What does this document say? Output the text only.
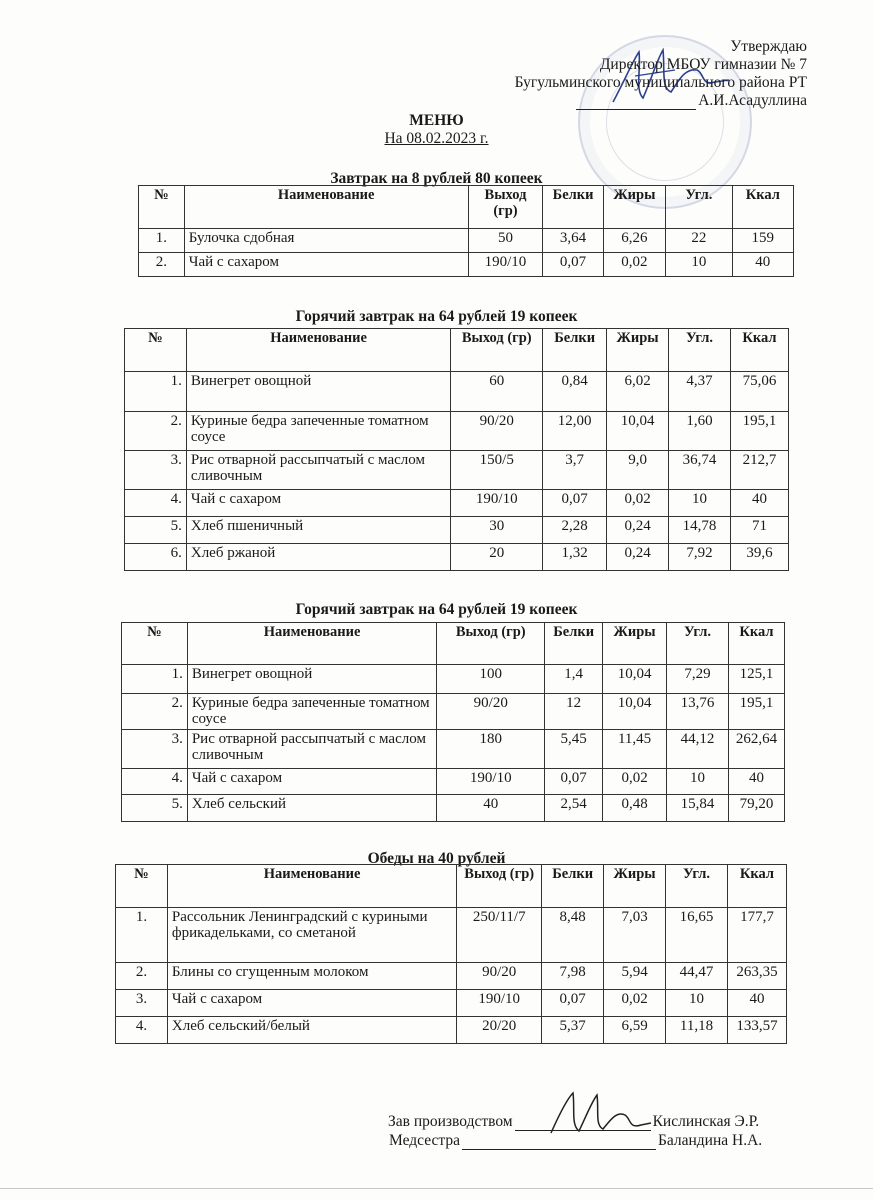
Утверждаю
Директор МБОУ гимназии № 7
Бугульминского муниципального района РТ
А.И.Асадуллина
МЕНЮ
На 08.02.2023 г.
Завтрак на 8 рублей 80 копеек
№	Наименование	Выход (гр)	Белки	Жиры	Угл.	Ккал
1.	Булочка сдобная	50	3,64	6,26	22	159
2.	Чай с сахаром	190/10	0,07	0,02	10	40
Горячий завтрак на 64 рублей 19 копеек
№	Наименование	Выход (гр)	Белки	Жиры	Угл.	Ккал
1.	Винегрет овощной	60	0,84	6,02	4,37	75,06
2.	Куриные бедра запеченные томатном соусе	90/20	12,00	10,04	1,60	195,1
3.	Рис отварной рассыпчатый с маслом сливочным	150/5	3,7	9,0	36,74	212,7
4.	Чай с сахаром	190/10	0,07	0,02	10	40
5.	Хлеб пшеничный	30	2,28	0,24	14,78	71
6.	Хлеб ржаной	20	1,32	0,24	7,92	39,6
Горячий завтрак на 64 рублей 19 копеек
№	Наименование	Выход (гр)	Белки	Жиры	Угл.	Ккал
1.	Винегрет овощной	100	1,4	10,04	7,29	125,1
2.	Куриные бедра запеченные томатном соусе	90/20	12	10,04	13,76	195,1
3.	Рис отварной рассыпчатый с маслом сливочным	180	5,45	11,45	44,12	262,64
4.	Чай с сахаром	190/10	0,07	0,02	10	40
5.	Хлеб сельский	40	2,54	0,48	15,84	79,20
Обеды на 40 рублей
№	Наименование	Выход (гр)	Белки	Жиры	Угл.	Ккал
1.	Рассольник Ленинградский с куриными фрикадельками, со сметаной	250/11/7	8,48	7,03	16,65	177,7
2.	Блины со сгущенным молоком	90/20	7,98	5,94	44,47	263,35
3.	Чай с сахаром	190/10	0,07	0,02	10	40
4.	Хлеб сельский/белый	20/20	5,37	6,59	11,18	133,57
Зав производством	Кислинская Э.Р.
Медсестра	Баландина Н.А.
